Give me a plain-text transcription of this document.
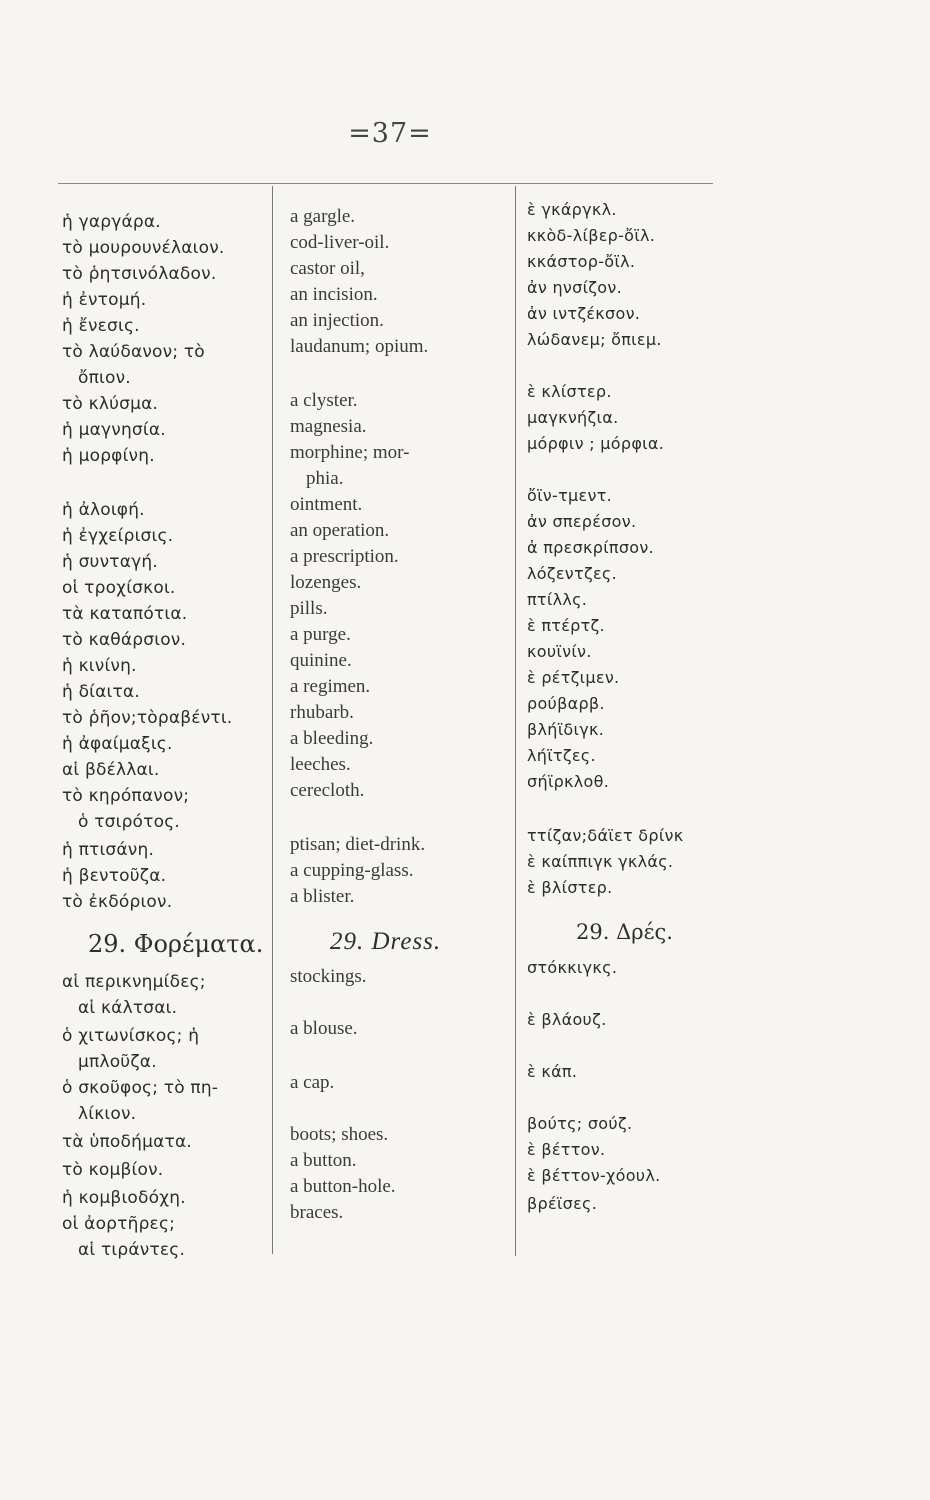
=37=
ἡ γαργάρα.
τὸ μουρουνέλαιον.
τὸ ῥητσινόλαδον.
ἡ ἐντομή.
ἡ ἔνεσις.
τὸ λαύδανον; τὸ
ὄπιον.
τὸ κλύσμα.
ἡ μαγνησία.
ἡ μορφίνη.
ἡ ἀλοιφή.
ἡ ἐγχείρισις.
ἡ συνταγή.
οἱ τροχίσκοι.
τὰ καταπότια.
τὸ καθάρσιον.
ἡ κινίνη.
ἡ δίαιτα.
τὸ ῥῆον;τὸραβέντι.
ἡ ἀφαίμαξις.
αἱ βδέλλαι.
τὸ κηρόπανον;
ὁ τσιρότος.
ἡ πτισάνη.
ἡ βεντοῦζα.
τὸ ἐκδόριον.
αἱ περικνημίδες;
αἱ κάλτσαι.
ὁ χιτωνίσκος; ἡ
μπλοῦζα.
ὁ σκοῦφος; τὸ πη-
λίκιον.
τὰ ὑποδήματα.
τὸ κομβίον.
ἡ κομβιοδόχη.
οἱ ἀορτῆρες;
αἱ τιράντες.
a gargle.
cod-liver-oil.
castor oil,
an incision.
an injection.
laudanum; opium.
a clyster.
magnesia.
morphine; mor-
phia.
ointment.
an operation.
a prescription.
lozenges.
pills.
a purge.
quinine.
a regimen.
rhubarb.
a bleeding.
leeches.
cerecloth.
ptisan; diet-drink.
a cupping-glass.
a blister.
stockings.
a blouse.
a cap.
boots; shoes.
a button.
a button-hole.
braces.
ὲ γκάργκλ.
κκὸδ-λίβερ-ὄϊλ.
κκάστορ-ὄϊλ.
ἀν ηνσίζον.
ἀν ιντζέκσον.
λώδανεμ; ὄπιεμ.
ὲ κλίστερ.
μαγκνήζια.
μόρφιν ; μόρφια.
ὄϊν-τμεντ.
ἀν σπερέσον.
ἀ πρεσκρίπσον.
λόζεντζες.
πτίλλς.
ὲ πτέρτζ.
κουϊνίν.
ὲ ρέτζιμεν.
ρούβαρβ.
βλήϊδιγκ.
λήϊτζες.
σήϊρκλοθ.
ττίζαν;δάϊετ δρίνκ
ὲ καίππιγκ γκλάς.
ὲ βλίστερ.
στόκκιγκς.
ὲ βλάουζ.
ὲ κάπ.
βούτς; σούζ.
ὲ βέττον.
ὲ βέττον-χόουλ.
βρέϊσες.
29. Φορέματα.	29. Dress.	29. Δρές.
